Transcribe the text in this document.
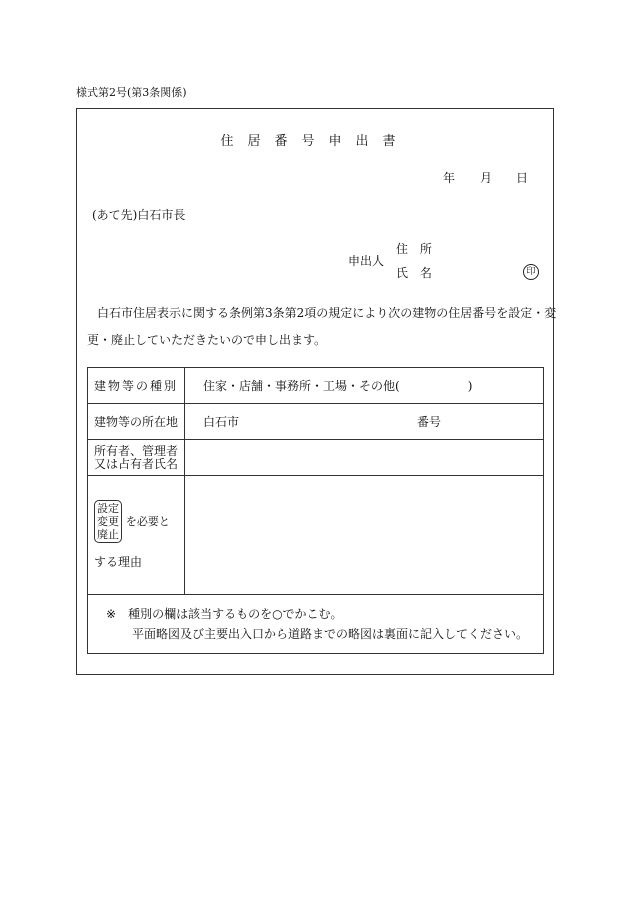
様式第2号(第3条関係)
住居番号申出書
年 月 日
(あて先)白石市長
申出人
住 所
氏 名	印
白石市住居表示に関する条例第3条第2項の規定により次の建物の住居番号を設定・変更・廃止していただきたいので申し出ます。
建物等の種別	住家・店舗・事務所・工場・その他( )
建物等の所在地	白石市 番号

所有者、管理者
又は占有者氏名	

設定
変更
廃止 を必要と
する理由	

※ 種別の欄は該当するものを○でかこむ。
平面略図及び主要出入口から道路までの略図は裏面に記入してください。	
